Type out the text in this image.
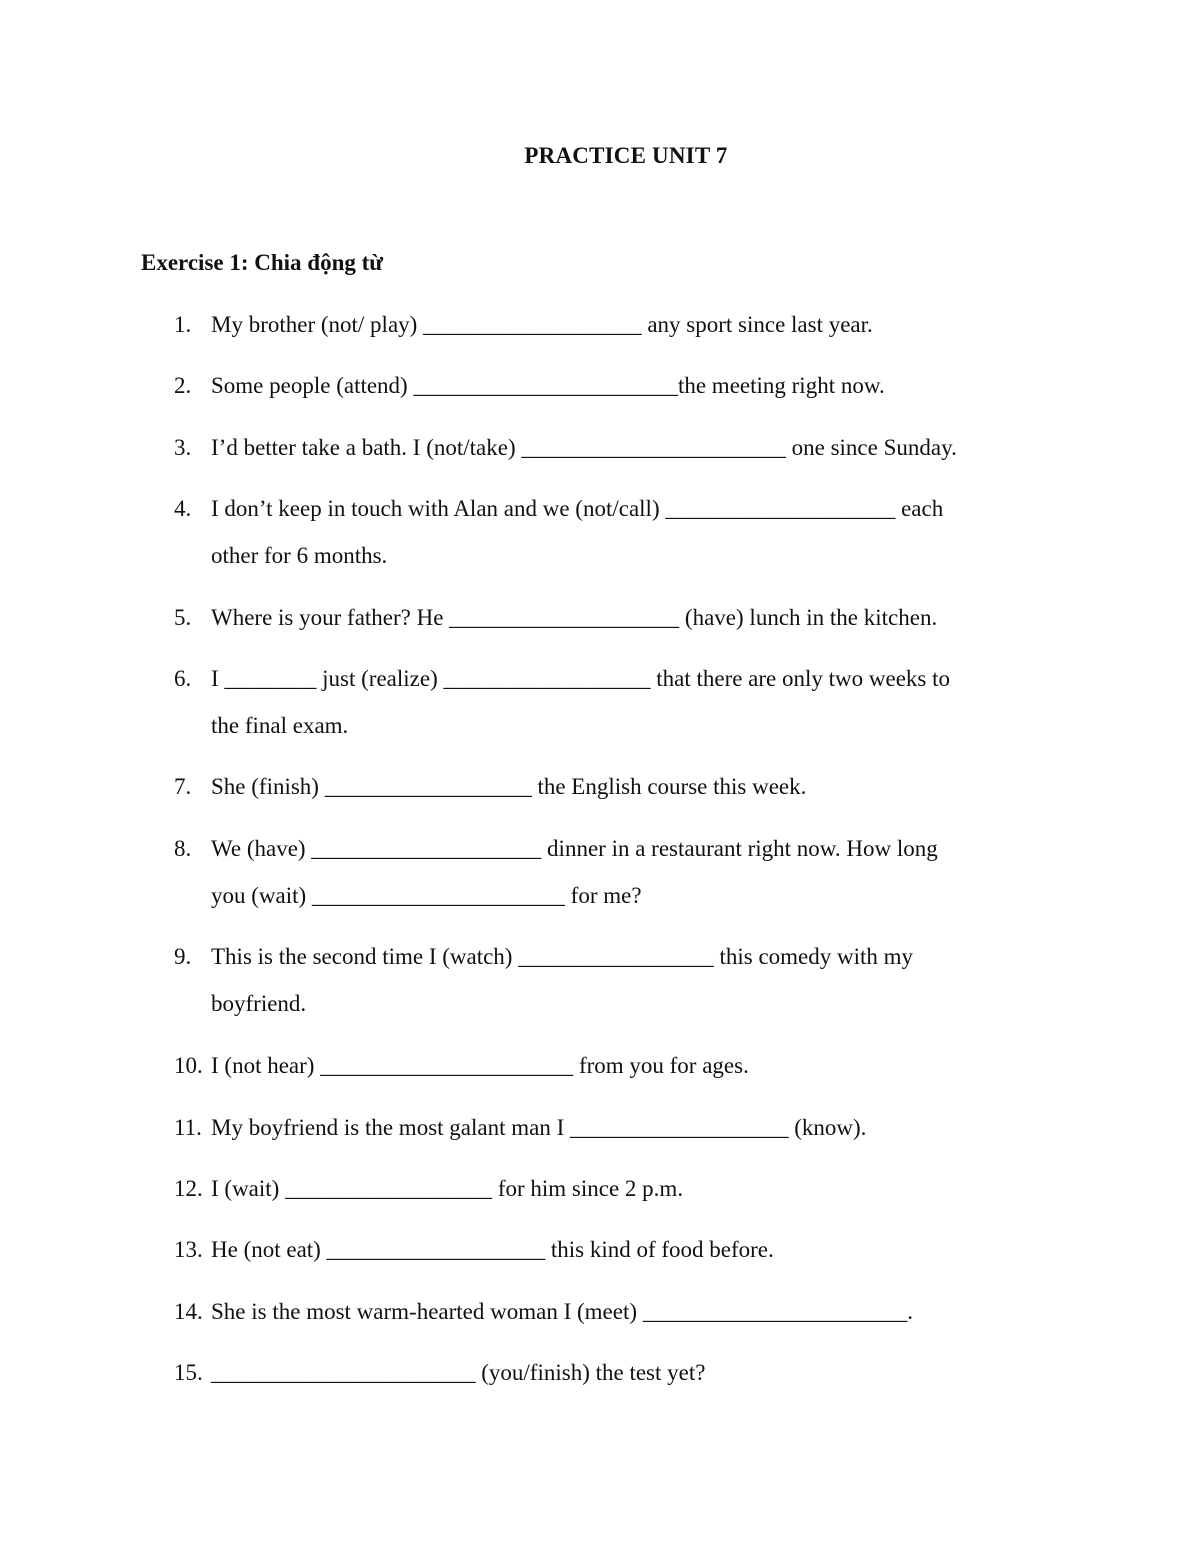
PRACTICE UNIT 7
Exercise 1: Chia động từ
1. My brother (not/ play) ___________________ any sport since last year.
2. Some people (attend) _______________________the meeting right now.
3. I’d better take a bath. I (not/take) _______________________ one since Sunday.
4. I don’t keep in touch with Alan and we (not/call) ____________________ each
other for 6 months.
5. Where is your father? He ____________________ (have) lunch in the kitchen.
6. I ________ just (realize) __________________ that there are only two weeks to
the final exam.
7. She (finish) __________________ the English course this week.
8. We (have) ____________________ dinner in a restaurant right now. How long
you (wait) ______________________ for me?
9. This is the second time I (watch) _________________ this comedy with my
boyfriend.
10. I (not hear) ______________________ from you for ages.
11. My boyfriend is the most galant man I ___________________ (know).
12. I (wait) __________________ for him since 2 p.m.
13. He (not eat) ___________________ this kind of food before.
14. She is the most warm-hearted woman I (meet) _______________________.
15. _______________________ (you/finish) the test yet?
